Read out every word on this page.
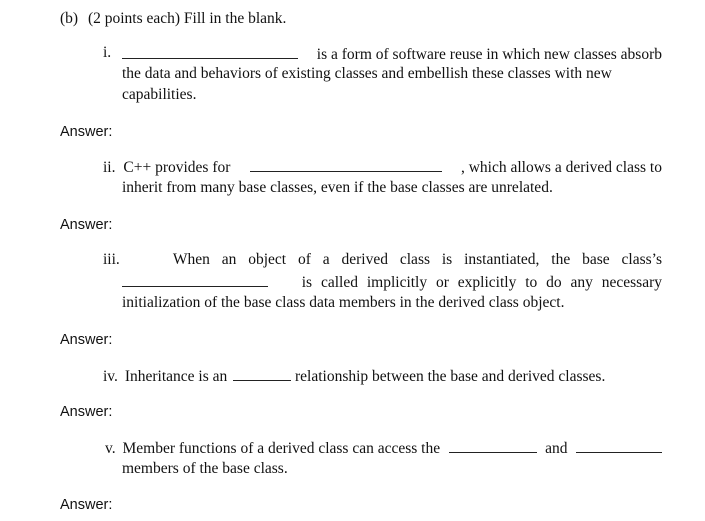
(b) (2 points each) Fill in the blank.
i.	is a form of software reuse in which new classes absorb
the data and behaviors of existing classes and embellish these classes with new
capabilities.
Answer:
ii. C++ provides for	, which allows a derived class to
inherit from many base classes, even if the base classes are unrelated.
Answer:
iii.	When an object of a derived class is instantiated, the base class’s
is called implicitly or explicitly to do any necessary
initialization of the base class data members in the derived class object.
Answer:
iv. Inheritance is an	relationship between the base and derived classes.
Answer:
v. Member functions of a derived class can access the	and
members of the base class.
Answer:
